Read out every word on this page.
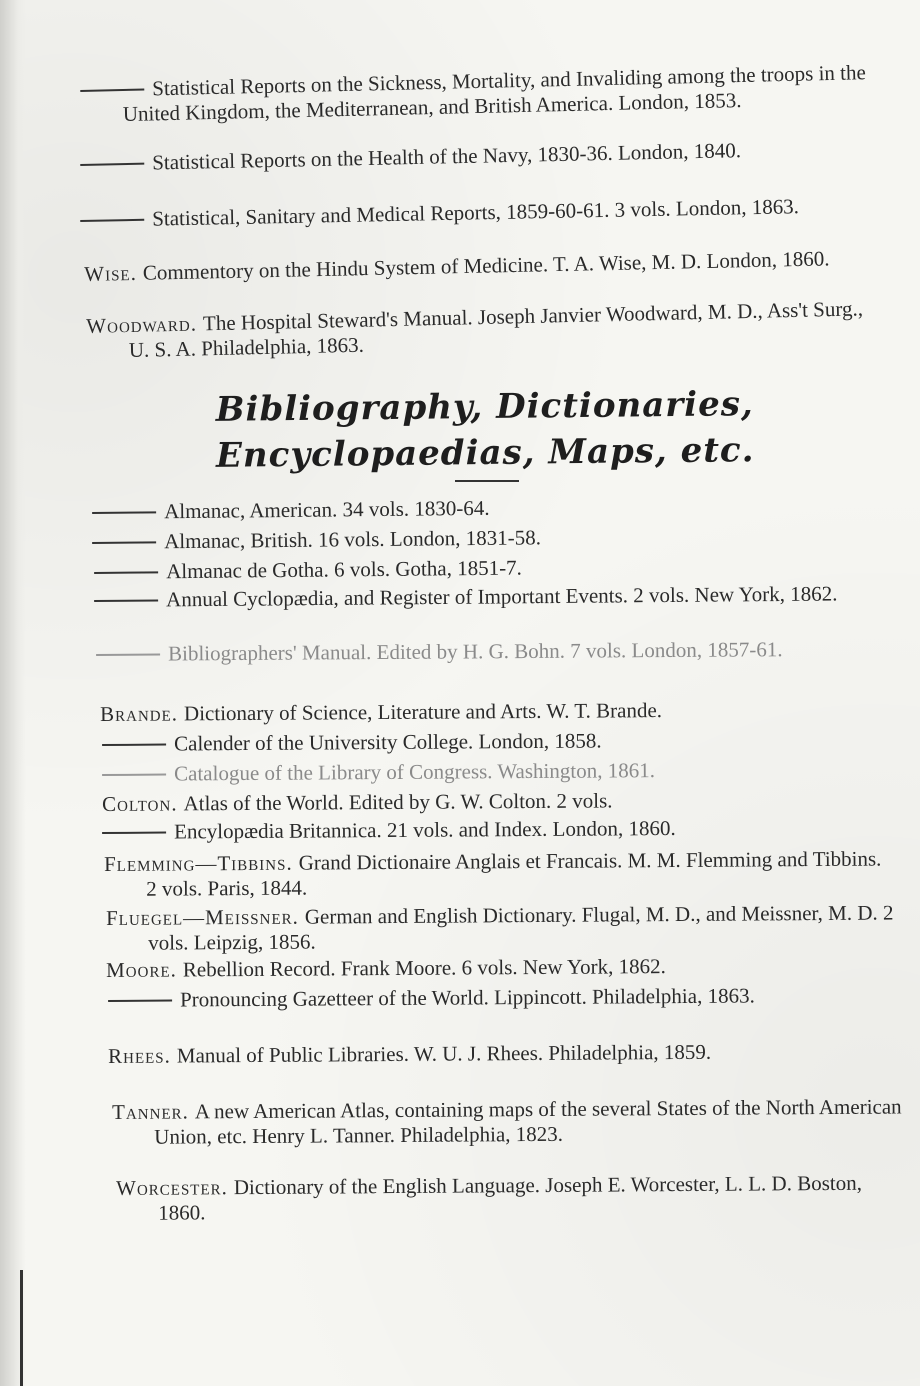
Statistical Reports on the Sickness, Mortality, and Invaliding among the troops in the United Kingdom, the Mediterranean, and British America. London, 1853.
Statistical Reports on the Health of the Navy, 1830-36. London, 1840.
Statistical, Sanitary and Medical Reports, 1859-60-61. 3 vols. London, 1863.
Wise. Commentory on the Hindu System of Medicine. T. A. Wise, M. D. London, 1860.
Woodward. The Hospital Steward's Manual. Joseph Janvier Woodward, M. D., Ass't Surg., U. S. A. Philadelphia, 1863.
Bibliography, Dictionaries, Encyclopaedias, Maps, etc.
Almanac, American. 34 vols. 1830-64.
Almanac, British. 16 vols. London, 1831-58.
Almanac de Gotha. 6 vols. Gotha, 1851-7.
Annual Cyclopædia, and Register of Important Events. 2 vols. New York, 1862.
Bibliographers' Manual. Edited by H. G. Bohn. 7 vols. London, 1857-61.
Brande. Dictionary of Science, Literature and Arts. W. T. Brande.
Calender of the University College. London, 1858.
Catalogue of the Library of Congress. Washington, 1861.
Colton. Atlas of the World. Edited by G. W. Colton. 2 vols.
Encylopædia Britannica. 21 vols. and Index. London, 1860.
Flemming—Tibbins. Grand Dictionaire Anglais et Francais. M. M. Flemming and Tibbins. 2 vols. Paris, 1844.
Fluegel—Meissner. German and English Dictionary. Flugal, M. D., and Meissner, M. D. 2 vols. Leipzig, 1856.
Moore. Rebellion Record. Frank Moore. 6 vols. New York, 1862.
Pronouncing Gazetteer of the World. Lippincott. Philadelphia, 1863.
Rhees. Manual of Public Libraries. W. U. J. Rhees. Philadelphia, 1859.
Tanner. A new American Atlas, containing maps of the several States of the North American Union, etc. Henry L. Tanner. Philadelphia, 1823.
Worcester. Dictionary of the English Language. Joseph E. Worcester, L. L. D. Boston, 1860.
